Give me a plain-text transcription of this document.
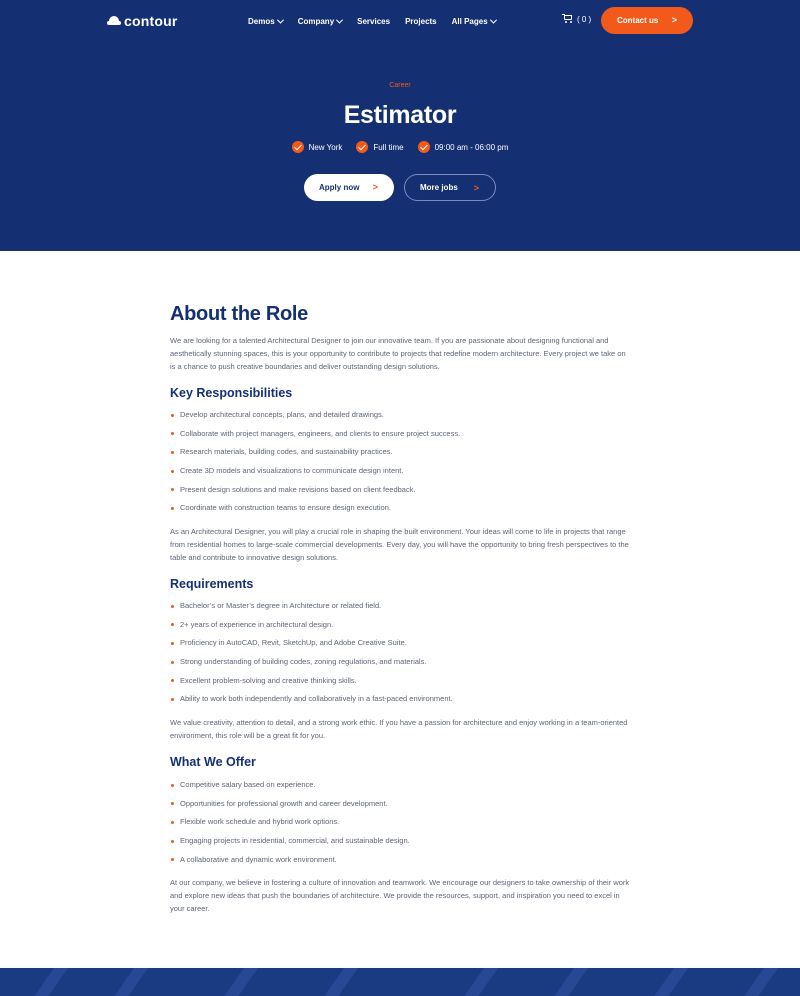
contour	Demos	Company	Services Projects All Pages	( 0 )	Contact us >
Career
Estimator
New York	Full time	09:00 am - 06:00 pm
Apply now >	More jobs >
About the Role

We are looking for a talented Architectural Designer to join our innovative team. If you are passionate about designing functional and aesthetically stunning spaces, this is your opportunity to contribute to projects that redefine modern architecture. Every project we take on is a chance to push creative boundaries and deliver outstanding design solutions.

Key Responsibilities
Develop architectural concepts, plans, and detailed drawings.
Collaborate with project managers, engineers, and clients to ensure project success.
Research materials, building codes, and sustainability practices.
Create 3D models and visualizations to communicate design intent.
Present design solutions and make revisions based on client feedback.
Coordinate with construction teams to ensure design execution.

As an Architectural Designer, you will play a crucial role in shaping the built environment. Your ideas will come to life in projects that range from residential homes to large-scale commercial developments. Every day, you will have the opportunity to bring fresh perspectives to the table and contribute to innovative design solutions.

Requirements
Bachelor’s or Master’s degree in Architecture or related field.
2+ years of experience in architectural design.
Proficiency in AutoCAD, Revit, SketchUp, and Adobe Creative Suite.
Strong understanding of building codes, zoning regulations, and materials.
Excellent problem-solving and creative thinking skills.
Ability to work both independently and collaboratively in a fast-paced environment.

We value creativity, attention to detail, and a strong work ethic. If you have a passion for architecture and enjoy working in a team-oriented environment, this role will be a great fit for you.

What We Offer
Competitive salary based on experience.
Opportunities for professional growth and career development.
Flexible work schedule and hybrid work options.
Engaging projects in residential, commercial, and sustainable design.
A collaborative and dynamic work environment.

At our company, we believe in fostering a culture of innovation and teamwork. We encourage our designers to take ownership of their work and explore new ideas that push the boundaries of architecture. We provide the resources, support, and inspiration you need to excel in your career.
